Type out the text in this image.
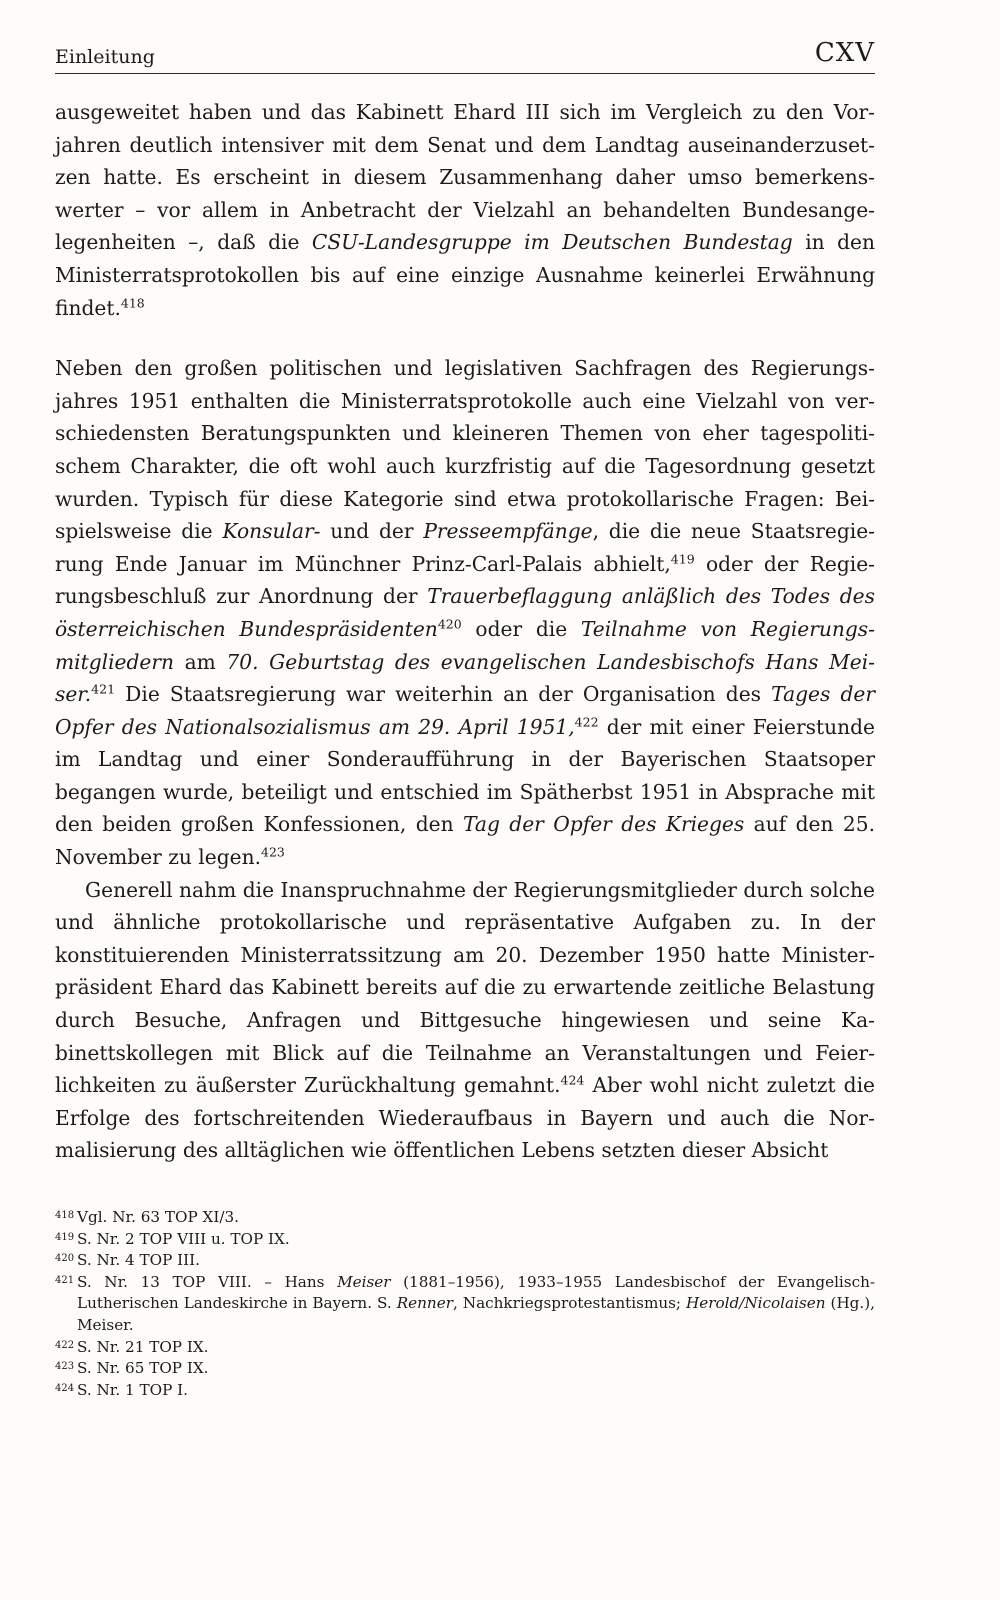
Einleitung	CXV

ausgeweitet haben und das Kabinett Ehard III sich im Vergleich zu den Vorjahren deutlich intensiver mit dem Senat und dem Landtag auseinanderzusetzen hatte. Es erscheint in diesem Zusammenhang daher umso bemerkenswerter – vor allem in Anbetracht der Vielzahl an behandelten Bundesangelegenheiten –, daß die CSU-Landesgruppe im Deutschen Bundestag in den Ministerratsprotokollen bis auf eine einzige Ausnahme keinerlei Erwähnung findet.$^{418}$

Neben den großen politischen und legislativen Sachfragen des Regierungsjahres 1951 enthalten die Ministerratsprotokolle auch eine Vielzahl von verschiedensten Beratungspunkten und kleineren Themen von eher tagespolitischem Charakter, die oft wohl auch kurzfristig auf die Tagesordnung gesetzt wurden. Typisch für diese Kategorie sind etwa protokollarische Fragen: Beispielsweise die Konsular- und der Presseempfänge, die die neue Staatsregierung Ende Januar im Münchner Prinz-Carl-Palais abhielt,$^{419}$ oder der Regierungsbeschluß zur Anordnung der Trauerbeflaggung anläßlich des Todes des österreichischen Bundespräsidenten$^{420}$ oder die Teilnahme von Regierungsmitgliedern am 70. Geburtstag des evangelischen Landesbischofs Hans Meiser.$^{421}$ Die Staatsregierung war weiterhin an der Organisation des Tages der Opfer des Nationalsozialismus am 29. April 1951,$^{422}$ der mit einer Feierstunde im Landtag und einer Sonderaufführung in der Bayerischen Staatsoper begangen wurde, beteiligt und entschied im Spätherbst 1951 in Absprache mit den beiden großen Konfessionen, den Tag der Opfer des Krieges auf den 25. November zu legen.$^{423}$

Generell nahm die Inanspruchnahme der Regierungsmitglieder durch solche und ähnliche protokollarische und repräsentative Aufgaben zu. In der konstituierenden Ministerratssitzung am 20. Dezember 1950 hatte Ministerpräsident Ehard das Kabinett bereits auf die zu erwartende zeitliche Belastung durch Besuche, Anfragen und Bittgesuche hingewiesen und seine Kabinettskollegen mit Blick auf die Teilnahme an Veranstaltungen und Feierlichkeiten zu äußerster Zurückhaltung gemahnt.$^{424}$ Aber wohl nicht zuletzt die Erfolge des fortschreitenden Wiederaufbaus in Bayern und auch die Normalisierung des alltäglichen wie öffentlichen Lebens setzten dieser Absicht

418 Vgl. Nr. 63 TOP XI/3.
419 S. Nr. 2 TOP VIII u. TOP IX.
420 S. Nr. 4 TOP III.
421 S. Nr. 13 TOP VIII. – Hans Meiser (1881–1956), 1933–1955 Landesbischof der Evangelisch-Lutherischen Landeskirche in Bayern. S. Renner, Nachkriegsprotestantismus; Herold/Nicolaisen (Hg.), Meiser.
422 S. Nr. 21 TOP IX.
423 S. Nr. 65 TOP IX.
424 S. Nr. 1 TOP I.
